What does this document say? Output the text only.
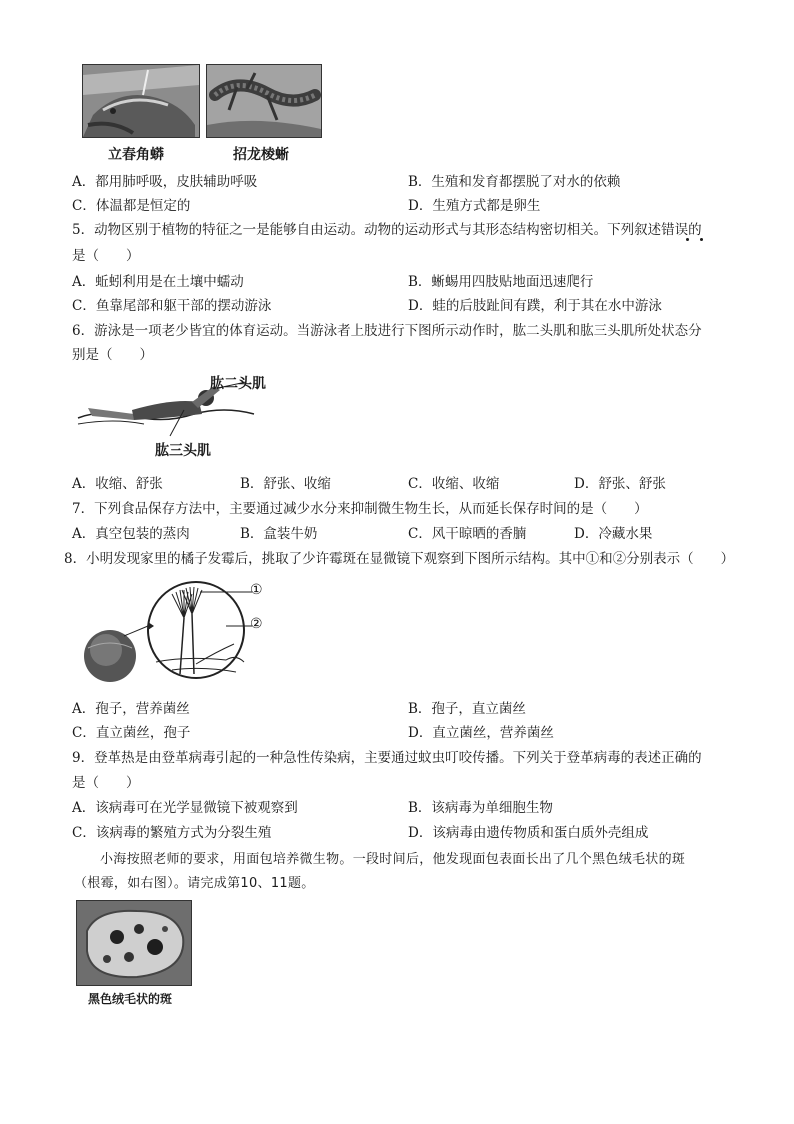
立春角蟒	招龙棱蜥
A．都用肺呼吸，皮肤辅助呼吸	B．生殖和发育都摆脱了对水的依赖
C．体温都是恒定的	D．生殖方式都是卵生
5．动物区别于植物的特征之一是能够自由运动。动物的运动形式与其形态结构密切相关。下列叙述错误的
是（　　）
A．蚯蚓利用是在土壤中蠕动	B．蜥蜴用四肢贴地面迅速爬行
C．鱼靠尾部和躯干部的摆动游泳	D．蛙的后肢趾间有蹼，利于其在水中游泳
6．游泳是一项老少皆宜的体育运动。当游泳者上肢进行下图所示动作时，肱二头肌和肱三头肌所处状态分
别是（　　）
肱二头肌
肱三头肌
A．收缩、舒张	B．舒张、收缩	C．收缩、收缩	D．舒张、舒张
7．下列食品保存方法中，主要通过减少水分来抑制微生物生长，从而延长保存时间的是（　　）
A．真空包装的蒸肉	B．盒装牛奶	C．风干晾晒的香腩	D．冷藏水果
8．小明发现家里的橘子发霉后，挑取了少许霉斑在显微镜下观察到下图所示结构。其中①和②分别表示（　　）
①
②
A．孢子，营养菌丝	B．孢子，直立菌丝
C．直立菌丝，孢子	D．直立菌丝，营养菌丝
9．登革热是由登革病毒引起的一种急性传染病，主要通过蚊虫叮咬传播。下列关于登革病毒的表述正确的
是（　　）
A．该病毒可在光学显微镜下被观察到	B．该病毒为单细胞生物
C．该病毒的繁殖方式为分裂生殖	D．该病毒由遗传物质和蛋白质外壳组成
小海按照老师的要求，用面包培养微生物。一段时间后，他发现面包表面长出了几个黑色绒毛状的斑
（根霉，如右图）。请完成第10、11题。
黑色绒毛状的斑
